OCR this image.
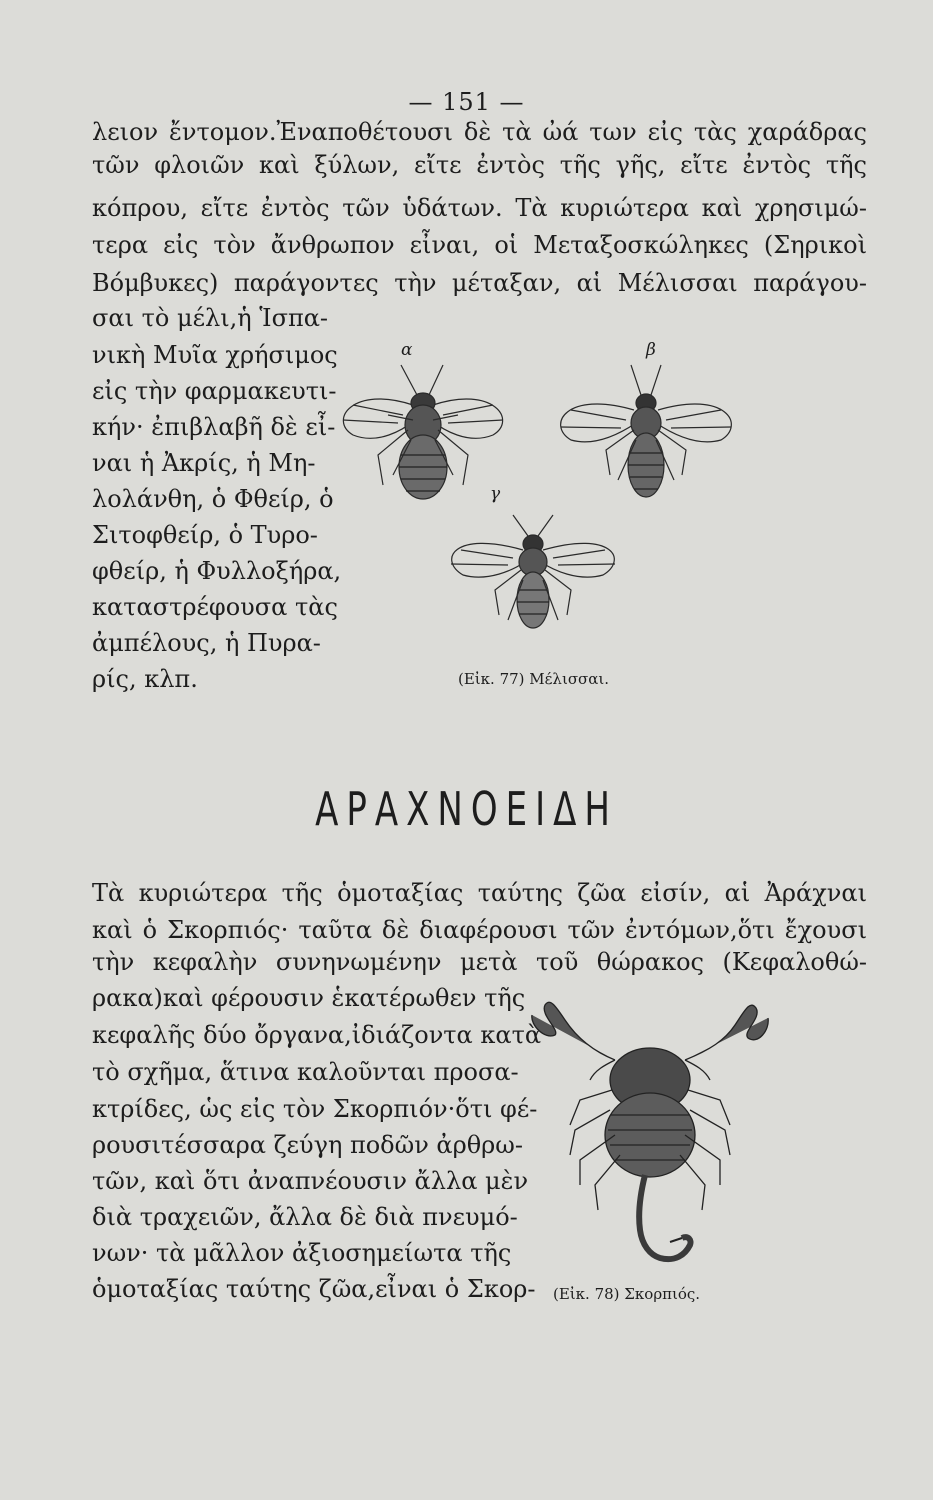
— 151 —
λειον ἔντομον.Ἐναποθέτουσι δὲ τὰ ὠά των εἰς τὰς χαράδρας
τῶν φλοιῶν καὶ ξύλων, εἴτε ἐντὸς τῆς γῆς, εἴτε ἐντὸς τῆς
κόπρου, εἴτε ἐντὸς τῶν ὑδάτων. Τὰ κυριώτερα καὶ χρησιμώ-
τερα εἰς τὸν ἄνθρωπον εἶναι, οἱ Μεταξοσκώληκες (Σηρικοὶ
Βόμβυκες) παράγοντες τὴν μέταξαν, αἱ Μέλισσαι παράγου-
σαι τὸ μέλι,ἡ Ἱσπα-
νικὴ Μυῖα χρήσιμος
εἰς τὴν φαρμακευτι-
κήν· ἐπιβλαβῆ δὲ εἶ-
ναι ἡ Ἀκρίς, ἡ Μη-
λολάνθη, ὁ Φθείρ, ὁ
Σιτοφθείρ, ὁ Τυρο-
φθείρ, ἡ Φυλλοξήρα,
καταστρέφουσα τὰς
ἀμπέλους, ἡ Πυρα-
ρίς, κλπ.
α	β
γ
(Εἰκ. 77) Μέλισσαι.
ΑΡΑΧΝΟΕΙΔΗ
Τὰ κυριώτερα τῆς ὁμοταξίας ταύτης ζῶα εἰσίν, αἱ Ἀράχναι
καὶ ὁ Σκορπιός· ταῦτα δὲ διαφέρουσι τῶν ἐντόμων,ὅτι ἔχουσι
τὴν κεφαλὴν συνηνωμένην μετὰ τοῦ θώρακος (Κεφαλοθώ-
ρακα)καὶ φέρουσιν ἑκατέρωθεν τῆς
κεφαλῆς δύο ὄργανα,ἰδιάζοντα κατὰ
τὸ σχῆμα, ἅτινα καλοῦνται προσα-
κτρίδες, ὡς εἰς τὸν Σκορπιόν·ὅτι φέ-
ρουσιτέσσαρα ζεύγη ποδῶν ἀρθρω-
τῶν, καὶ ὅτι ἀναπνέουσιν ἄλλα μὲν
διὰ τραχειῶν, ἄλλα δὲ διὰ πνευμό-
νων· τὰ μᾶλλον ἀξιοσημείωτα τῆς
ὁμοταξίας ταύτης ζῶα,εἶναι ὁ Σκορ- (Εἰκ. 78) Σκορπιός.
